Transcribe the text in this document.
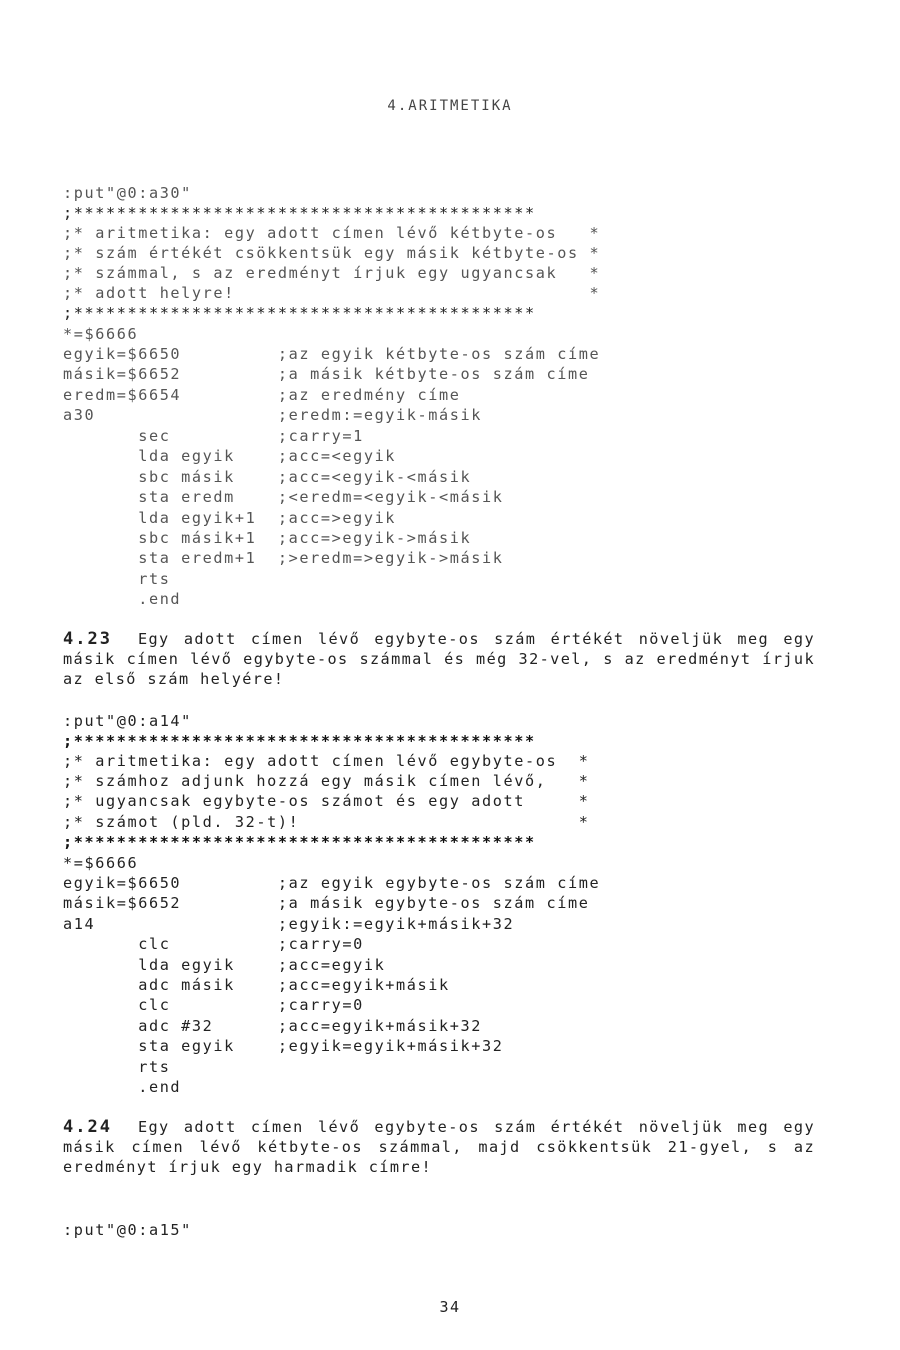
4.ARITMETIKA
:put"@0:a30"
;*******************************************
;* aritmetika: egy adott címen lévő kétbyte-os   *
;* szám értékét csökkentsük egy másik kétbyte-os *
;* számmal, s az eredményt írjuk egy ugyancsak   *
;* adott helyre!                                 *
;*******************************************
*=$6666
egyik=$6650         ;az egyik kétbyte-os szám címe
másik=$6652         ;a másik kétbyte-os szám címe
eredm=$6654         ;az eredmény címe
a30                 ;eredm:=egyik-másik
sec          ;carry=1
lda egyik    ;acc=<egyik
sbc másik    ;acc=<egyik-<másik
sta eredm    ;<eredm=<egyik-<másik
lda egyik+1  ;acc=>egyik
sbc másik+1  ;acc=>egyik->másik
sta eredm+1  ;>eredm=>egyik->másik
rts
.end
4.23 Egy adott címen lévő egybyte-os szám értékét növeljük meg egy másik címen lévő egybyte-os számmal és még 32-vel, s az eredményt írjuk az első szám helyére!
:put"@0:a14"
;*******************************************
;* aritmetika: egy adott címen lévő egybyte-os  *
;* számhoz adjunk hozzá egy másik címen lévő,   *
;* ugyancsak egybyte-os számot és egy adott     *
;* számot (pld. 32-t)!                          *
;*******************************************
*=$6666
egyik=$6650         ;az egyik egybyte-os szám címe
másik=$6652         ;a másik egybyte-os szám címe
a14                 ;egyik:=egyik+másik+32
clc          ;carry=0
lda egyik    ;acc=egyik
adc másik    ;acc=egyik+másik
clc          ;carry=0
adc #32      ;acc=egyik+másik+32
sta egyik    ;egyik=egyik+másik+32
rts
.end
4.24 Egy adott címen lévő egybyte-os szám értékét növeljük meg egy másik címen lévő kétbyte-os számmal, majd csökkentsük 21-gyel, s az eredményt írjuk egy harmadik címre!
:put"@0:a15"
34
